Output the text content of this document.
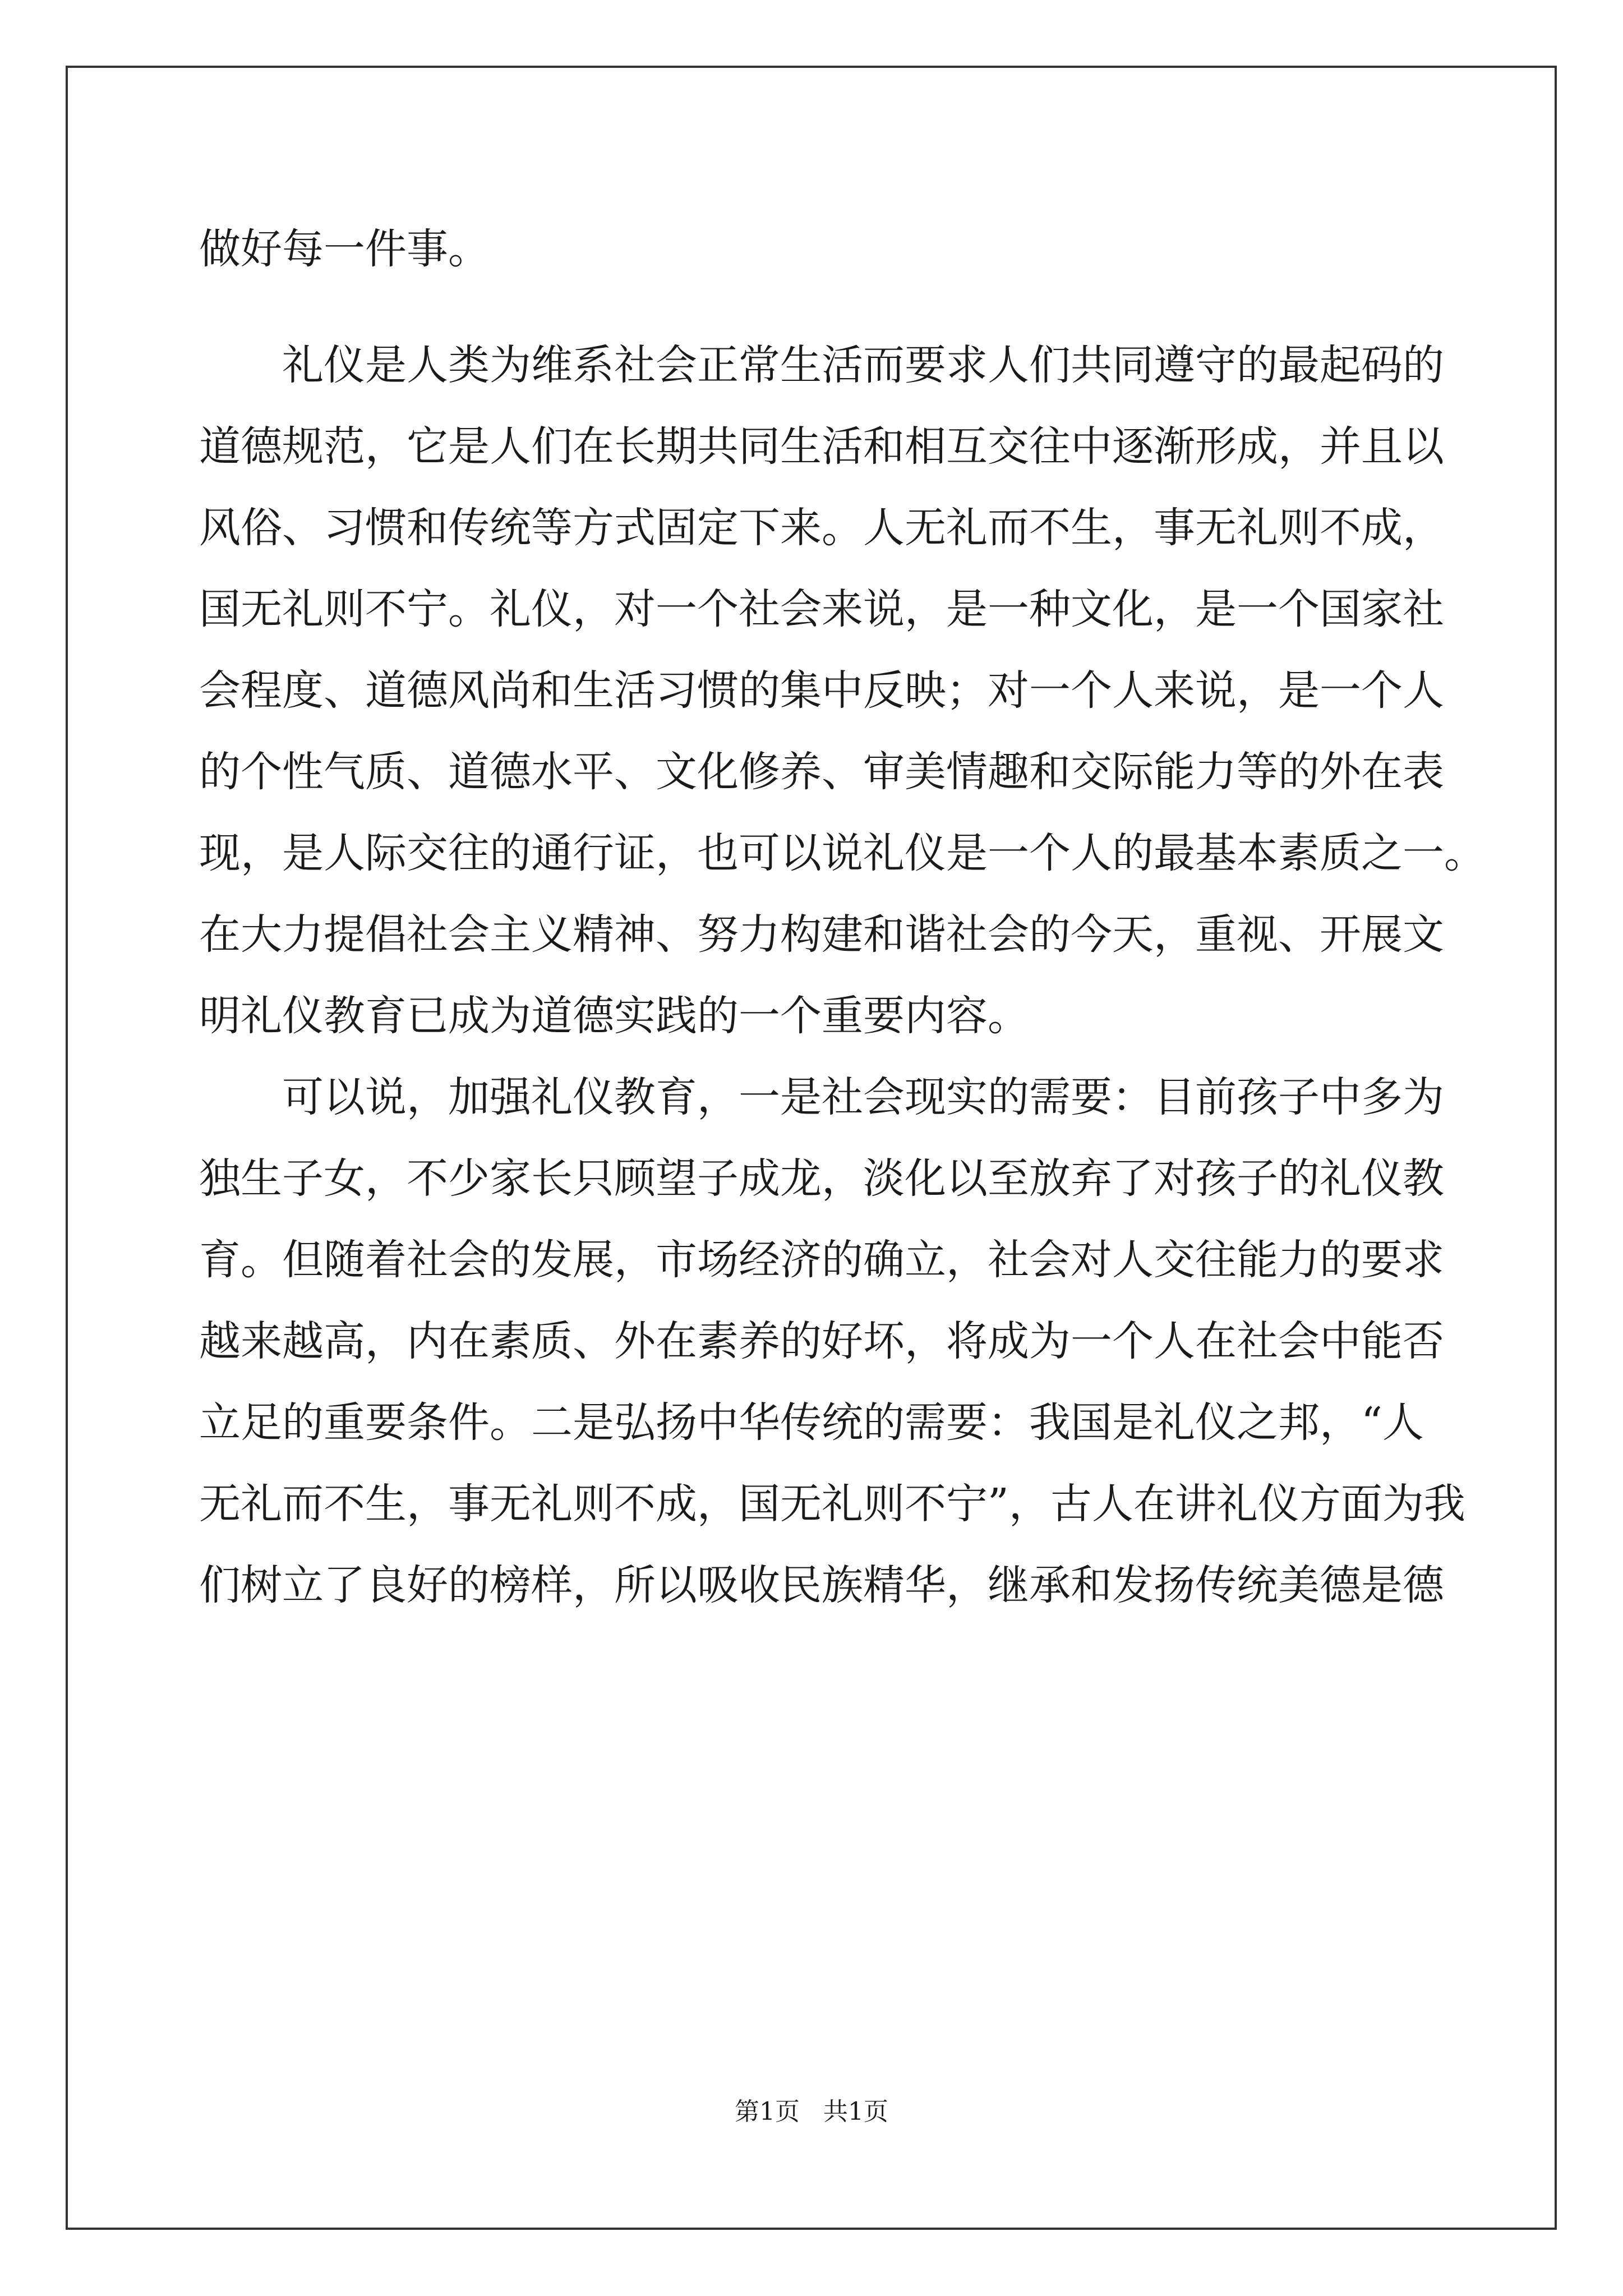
做好每一件事。
礼仪是人类为维系社会正常生活而要求人们共同遵守的最起码的
道德规范，它是人们在长期共同生活和相互交往中逐渐形成，并且以
风俗、习惯和传统等方式固定下来。人无礼而不生，事无礼则不成，
国无礼则不宁。礼仪，对一个社会来说，是一种文化，是一个国家社
会程度、道德风尚和生活习惯的集中反映；对一个人来说，是一个人
的个性气质、道德水平、文化修养、审美情趣和交际能力等的外在表
现，是人际交往的通行证，也可以说礼仪是一个人的最基本素质之一。
在大力提倡社会主义精神、努力构建和谐社会的今天，重视、开展文
明礼仪教育已成为道德实践的一个重要内容。
可以说，加强礼仪教育，一是社会现实的需要：目前孩子中多为
独生子女，不少家长只顾望子成龙，淡化以至放弃了对孩子的礼仪教
育。但随着社会的发展，市场经济的确立，社会对人交往能力的要求
越来越高，内在素质、外在素养的好坏，将成为一个人在社会中能否
立足的重要条件。二是弘扬中华传统的需要：我国是礼仪之邦，“人
无礼而不生，事无礼则不成，国无礼则不宁”，古人在讲礼仪方面为我
们树立了良好的榜样，所以吸收民族精华，继承和发扬传统美德是德
第1页   共1页
